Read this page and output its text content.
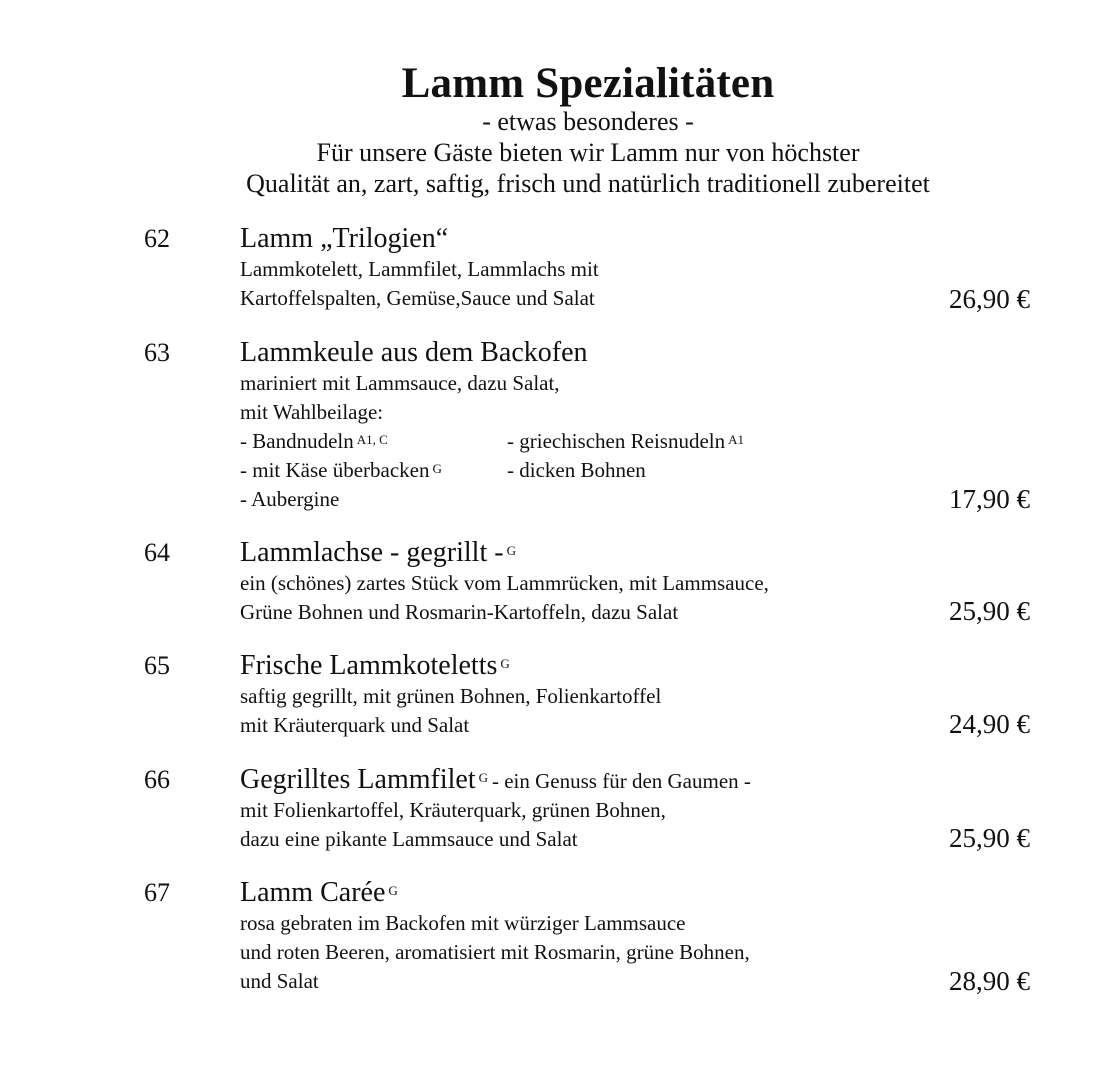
Lamm Spezialitäten
- etwas besonderes -
Für unsere Gäste bieten wir Lamm nur von höchster
Qualität an, zart, saftig, frisch und natürlich traditionell zubereitet
62	Lamm „Trilogien“
Lammkotelett, Lammfilet, Lammlachs mit
Kartoffelspalten, Gemüse,Sauce und Salat	26,90 €
63	Lammkeule aus dem Backofen
mariniert mit Lammsauce, dazu Salat,
mit Wahlbeilage:
- Bandnudeln $^{A1, C}$	- griechischen Reisnudeln $^{A1}$
- mit Käse überbacken $^G$	- dicken Bohnen
- Aubergine	17,90 €
64	Lammlachse - gegrillt - $^G$
ein (schönes) zartes Stück vom Lammrücken, mit Lammsauce,
Grüne Bohnen und Rosmarin-Kartoffeln, dazu Salat	25,90 €
65	Frische Lammkoteletts $^G$
saftig gegrillt, mit grünen Bohnen, Folienkartoffel
mit Kräuterquark und Salat	24,90 €
66	Gegrilltes Lammfilet $^G$ - ein Genuss für den Gaumen -
mit Folienkartoffel, Kräuterquark, grünen Bohnen,
dazu eine pikante Lammsauce und Salat	25,90 €
67	Lamm Carée $^G$
rosa gebraten im Backofen mit würziger Lammsauce
und roten Beeren, aromatisiert mit Rosmarin, grüne Bohnen,
und Salat	28,90 €
